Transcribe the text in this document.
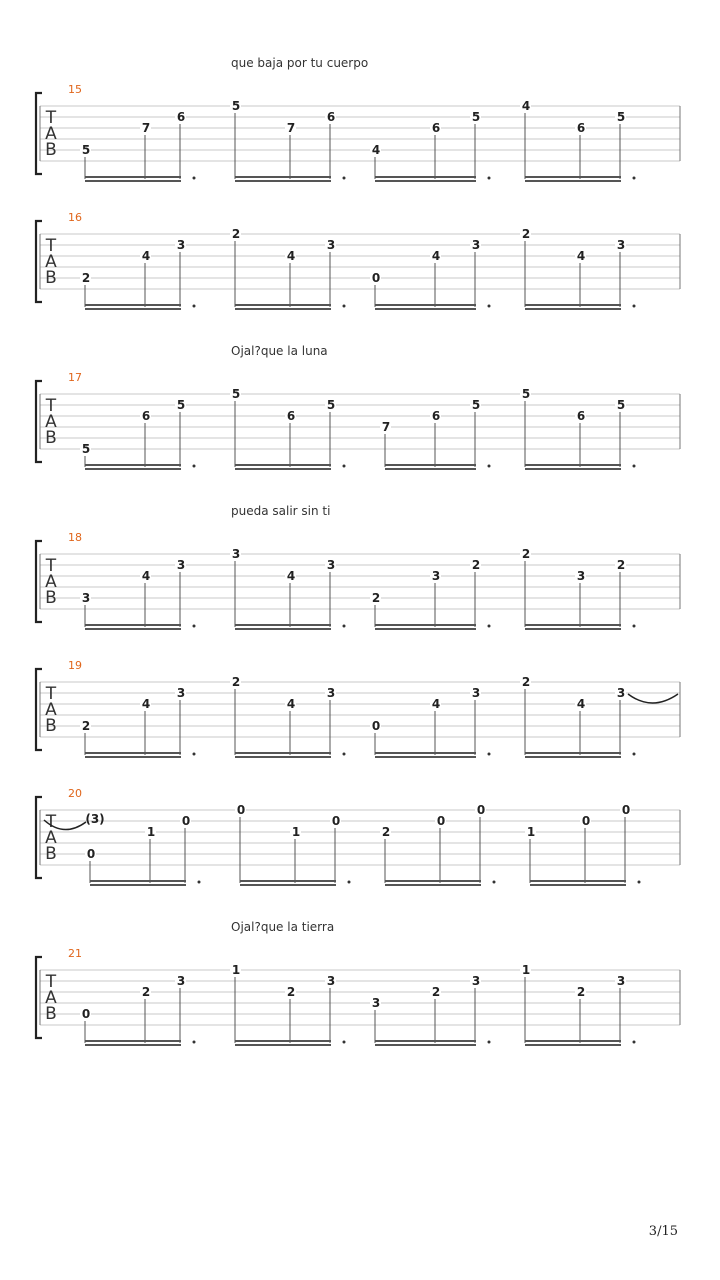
que baja por tu cuerpo
15
T
A
B 5
7
6
5
7
6
4
6
5
4
6
5
16
T
A
B 2
4
3
2
4
3
0
4
3
2
4
3
Ojal?que la luna
17
T
A
B
5
6
5
5
6
5
7
6
5
5
6
5
pueda salir sin ti
18
T
A
B 3
4
3
3
4
3
2
3
2
2
3
2
19
T
A
B 2
4
3
2
4
3
0
4
3
2
4
3
20
T
A
B 0
1
0
0
1
0
2
0
0
1
0
0
(3)
Ojal?que la tierra
21
T
A
B 0
2
3
1
2
3
3
2
3
1
2
3
3/15
